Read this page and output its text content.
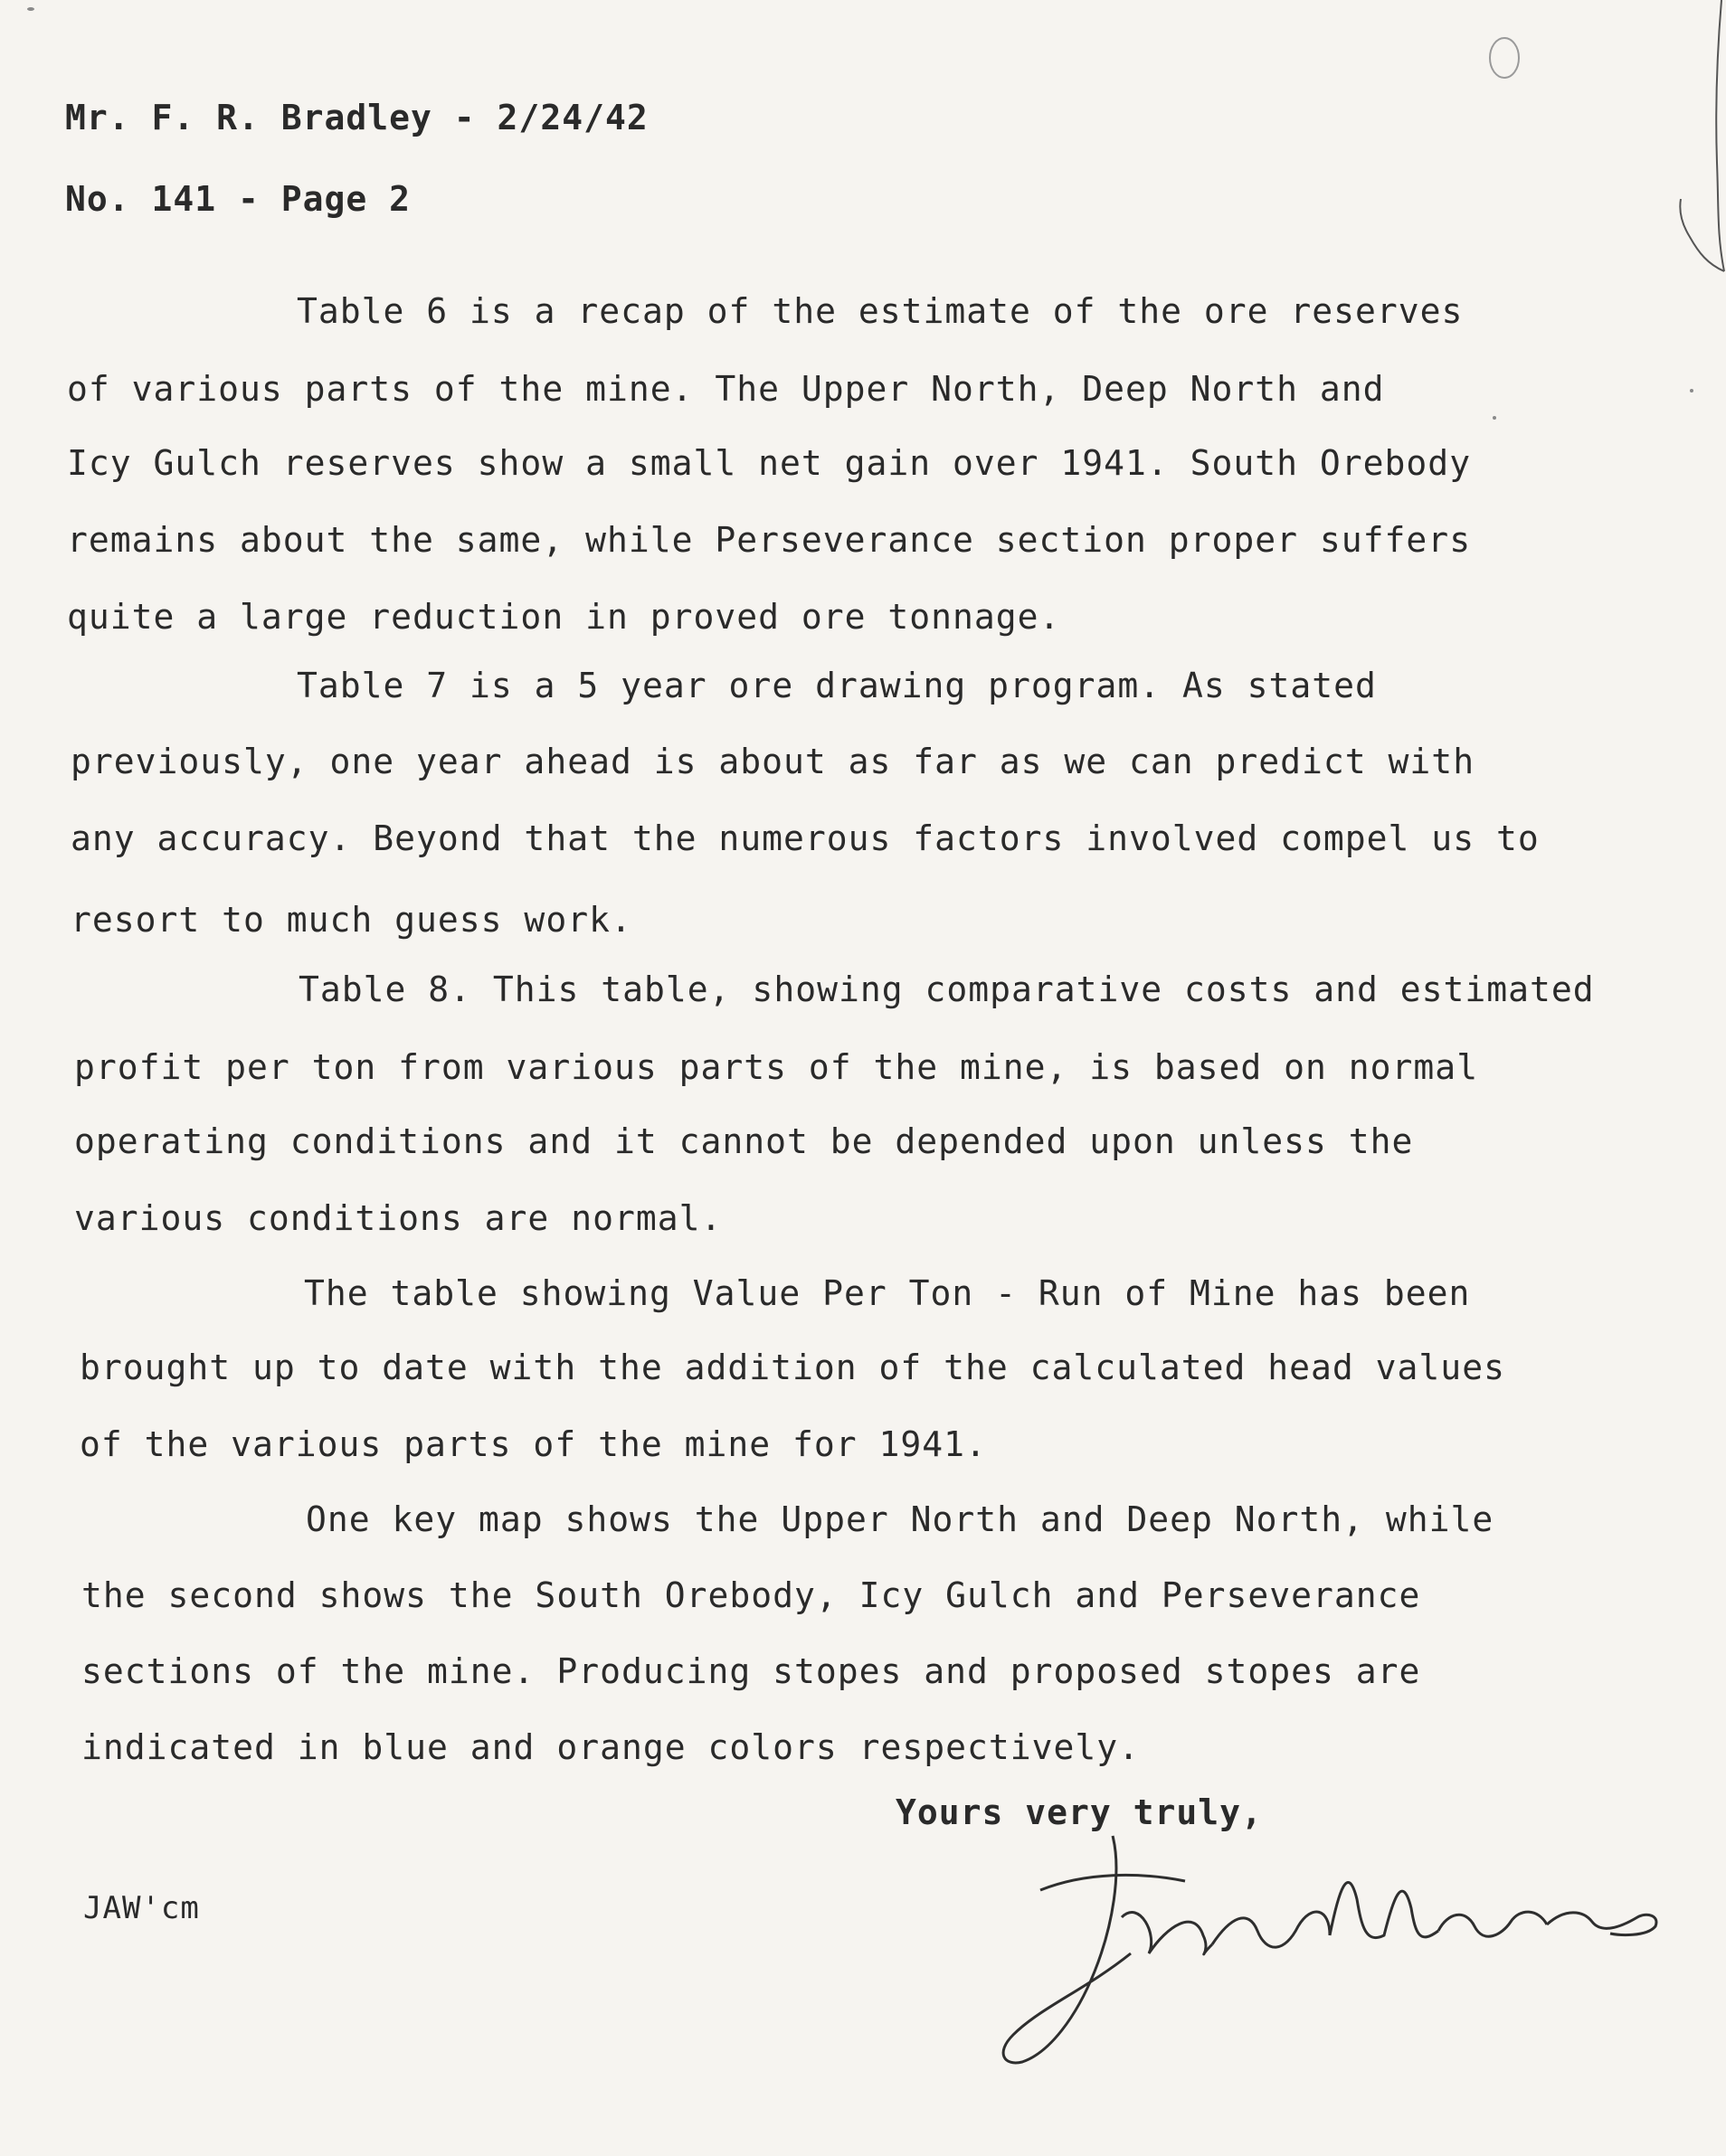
Mr. F. R. Bradley - 2/24/42
No. 141 - Page 2
Table 6 is a recap of the estimate of the ore reserves
of various parts of the mine. The Upper North, Deep North and
Icy Gulch reserves show a small net gain over 1941. South Orebody
remains about the same, while Perseverance section proper suffers
quite a large reduction in proved ore tonnage.
Table 7 is a 5 year ore drawing program. As stated
previously, one year ahead is about as far as we can predict with
any accuracy. Beyond that the numerous factors involved compel us to
resort to much guess work.
Table 8. This table, showing comparative costs and estimated
profit per ton from various parts of the mine, is based on normal
operating conditions and it cannot be depended upon unless the
various conditions are normal.
The table showing Value Per Ton - Run of Mine has been
brought up to date with the addition of the calculated head values
of the various parts of the mine for 1941.
One key map shows the Upper North and Deep North, while
the second shows the South Orebody, Icy Gulch and Perseverance
sections of the mine. Producing stopes and proposed stopes are
indicated in blue and orange colors respectively.
Yours very truly,
JAW'cm
